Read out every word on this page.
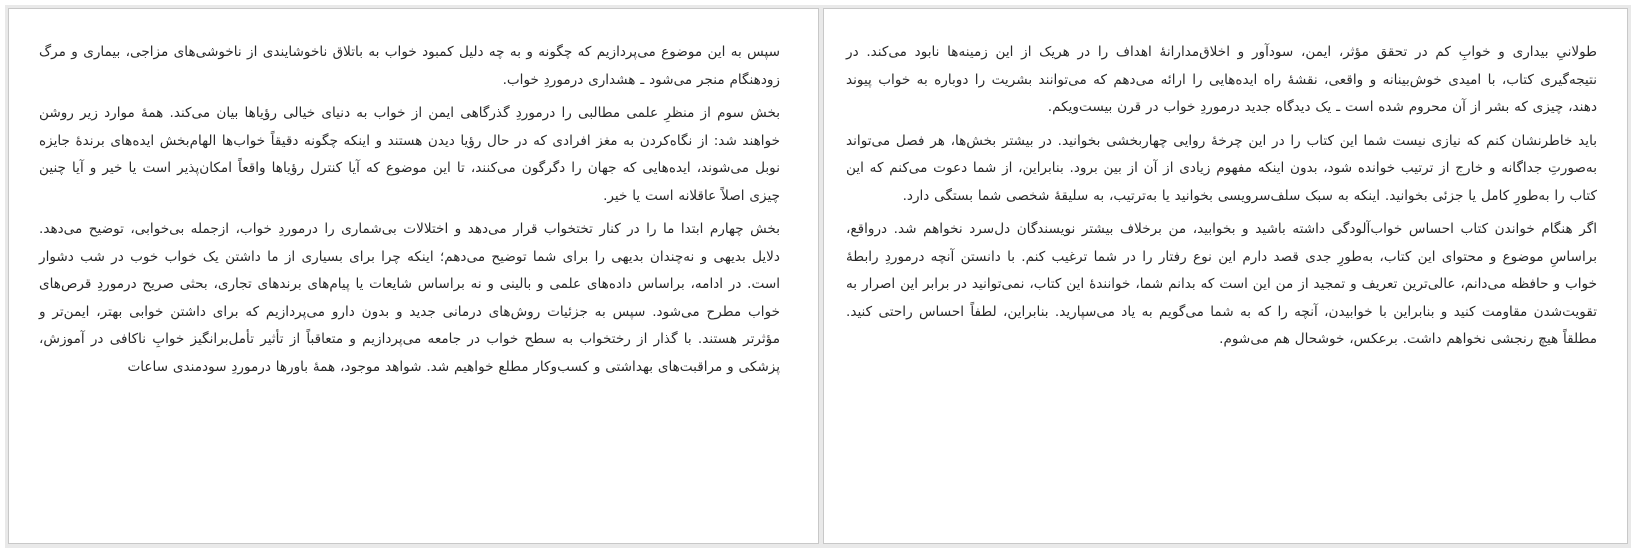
سپس به این موضوع می‌پردازیم که چگونه و به چه دلیل کمبود خواب به باتلاق ناخوشایندی از ناخوشی‌های مزاجی، بیماری و مرگ زودهنگام منجر می‌شود ـ هشداری درموردِ خواب.

بخش سوم از منظرِ علمی مطالبی را درموردِ گذرگاهی ایمن از خواب به دنیای خیالی رؤیاها بیان می‌کند. همهٔ موارد زیر روشن خواهند شد: از نگاه‌کردن به مغز افرادی که در حال رؤیا دیدن هستند و اینکه چگونه دقیقاً خواب‌ها الهام‌بخش ایده‌های برندهٔ جایزه نوبل می‌شوند، ایده‌هایی که جهان را دگرگون می‌کنند، تا این موضوع که آیا کنترل رؤیاها واقعاً امکان‌پذیر است یا خیر و آیا چنین چیزی اصلاً عاقلانه است یا خیر.

بخش چهارم ابتدا ما را در کنار تختخواب قرار می‌دهد و اختلالات بی‌شماری را درموردِ خواب، ازجمله بی‌خوابی، توضیح می‌دهد. دلایل بدیهی و نه‌چندان بدیهی را برای شما توضیح می‌دهم؛ اینکه چرا برای بسیاری از ما داشتن یک خواب خوب در شب دشوار است. در ادامه، براساس داده‌های علمی و بالینی و نه براساس شایعات یا پیام‌های برندهای تجاری، بحثی صریح درموردِ قرص‌های خواب مطرح می‌شود. سپس به جزئیات روش‌های درمانی جدید و بدون دارو می‌پردازیم که برای داشتن خوابی بهتر، ایمن‌تر و مؤثرتر هستند. با گذار از رختخواب به سطح خواب در جامعه می‌پردازیم و متعاقباً از تأثیر تأمل‌برانگیز خوابِ ناکافی در آموزش، پزشکی و مراقبت‌های بهداشتی و کسب‌وکار مطلع خواهیم شد. شواهد موجود، همهٔ باورها درموردِ سودمندی ساعات

طولانیِ بیداری و خوابِ کم در تحقق مؤثر، ایمن، سودآور و اخلاق‌مدارانهٔ اهداف را در هریک از این زمینه‌ها نابود می‌کند. در نتیجه‌گیری کتاب، با امیدی خوش‌بینانه و واقعی، نقشهٔ راه ایده‌هایی را ارائه می‌دهم که می‌توانند بشریت را دوباره به خواب پیوند دهند، چیزی که بشر از آن محروم شده است ـ یک دیدگاه جدید درموردِ خواب در قرن بیست‌ویکم.

باید خاطرنشان کنم که نیازی نیست شما این کتاب را در این چرخهٔ روایی چهاربخشی بخوانید. در بیشتر بخش‌ها، هر فصل می‌تواند به‌صورتِ جداگانه و خارج از ترتیب خوانده شود، بدون اینکه مفهوم زیادی از آن از بین برود. بنابراین، از شما دعوت می‌کنم که این کتاب را به‌طورِ کامل یا جزئی بخوانید. اینکه به سبک سلف‌سرویسی بخوانید یا به‌ترتیب، به سلیقهٔ شخصی شما بستگی دارد.

اگر هنگام خواندن کتاب احساس خواب‌آلودگی داشته باشید و بخوابید، من برخلاف بیشتر نویسندگان دل‌سرد نخواهم شد. درواقع، براساسِ موضوع و محتوای این کتاب، به‌طورِ جدی قصد دارم این نوع رفتار را در شما ترغیب کنم. با دانستن آنچه درموردِ رابطهٔ خواب و حافظه می‌دانم، عالی‌ترین تعریف و تمجید از من این است که بدانم شما، خوانندهٔ این کتاب، نمی‌توانید در برابر این اصرار به تقویت‌شدن مقاومت کنید و بنابراین با خوابیدن، آنچه را که به شما می‌گویم به یاد می‌سپارید. بنابراین، لطفاً احساس راحتی کنید. مطلقاً هیچ رنجشی نخواهم داشت. برعکس، خوشحال هم می‌شوم.
